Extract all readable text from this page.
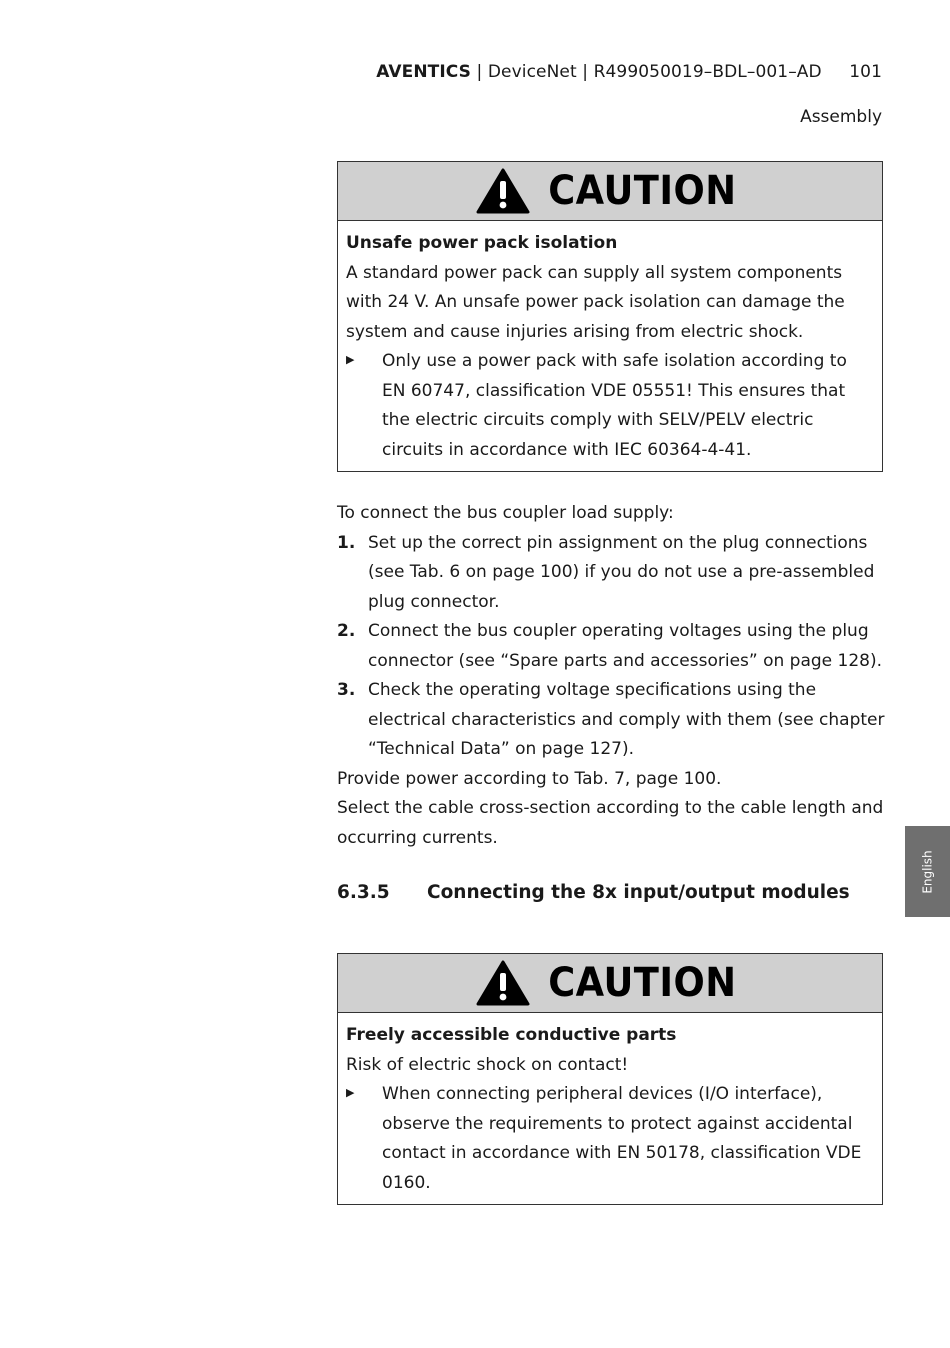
AVENTICS | DeviceNet | R499050019–BDL–001–AD 101
Assembly
CAUTION
Unsafe power pack isolation
A standard power pack can supply all system components with 24 V. An unsafe power pack isolation can damage the system and cause injuries arising from electric shock.
▶	Only use a power pack with safe isolation according to EN 60747, classification VDE 05551! This ensures that the electric circuits comply with SELV/PELV electric circuits in accordance with IEC 60364-4-41.
To connect the bus coupler load supply:
1. Set up the correct pin assignment on the plug connections (see Tab. 6 on page 100) if you do not use a pre-assembled plug connector.
2. Connect the bus coupler operating voltages using the plug connector (see “Spare parts and accessories” on page 128).
3. Check the operating voltage specifications using the electrical characteristics and comply with them (see chapter “Technical Data” on page 127).
Provide power according to Tab. 7, page 100.
Select the cable cross-section according to the cable length and occurring currents.
6.3.5 Connecting the 8x input/output modules
CAUTION
Freely accessible conductive parts
Risk of electric shock on contact!
▶	When connecting peripheral devices (I/O interface), observe the requirements to protect against accidental contact in accordance with EN 50178, classification VDE 0160.
English
